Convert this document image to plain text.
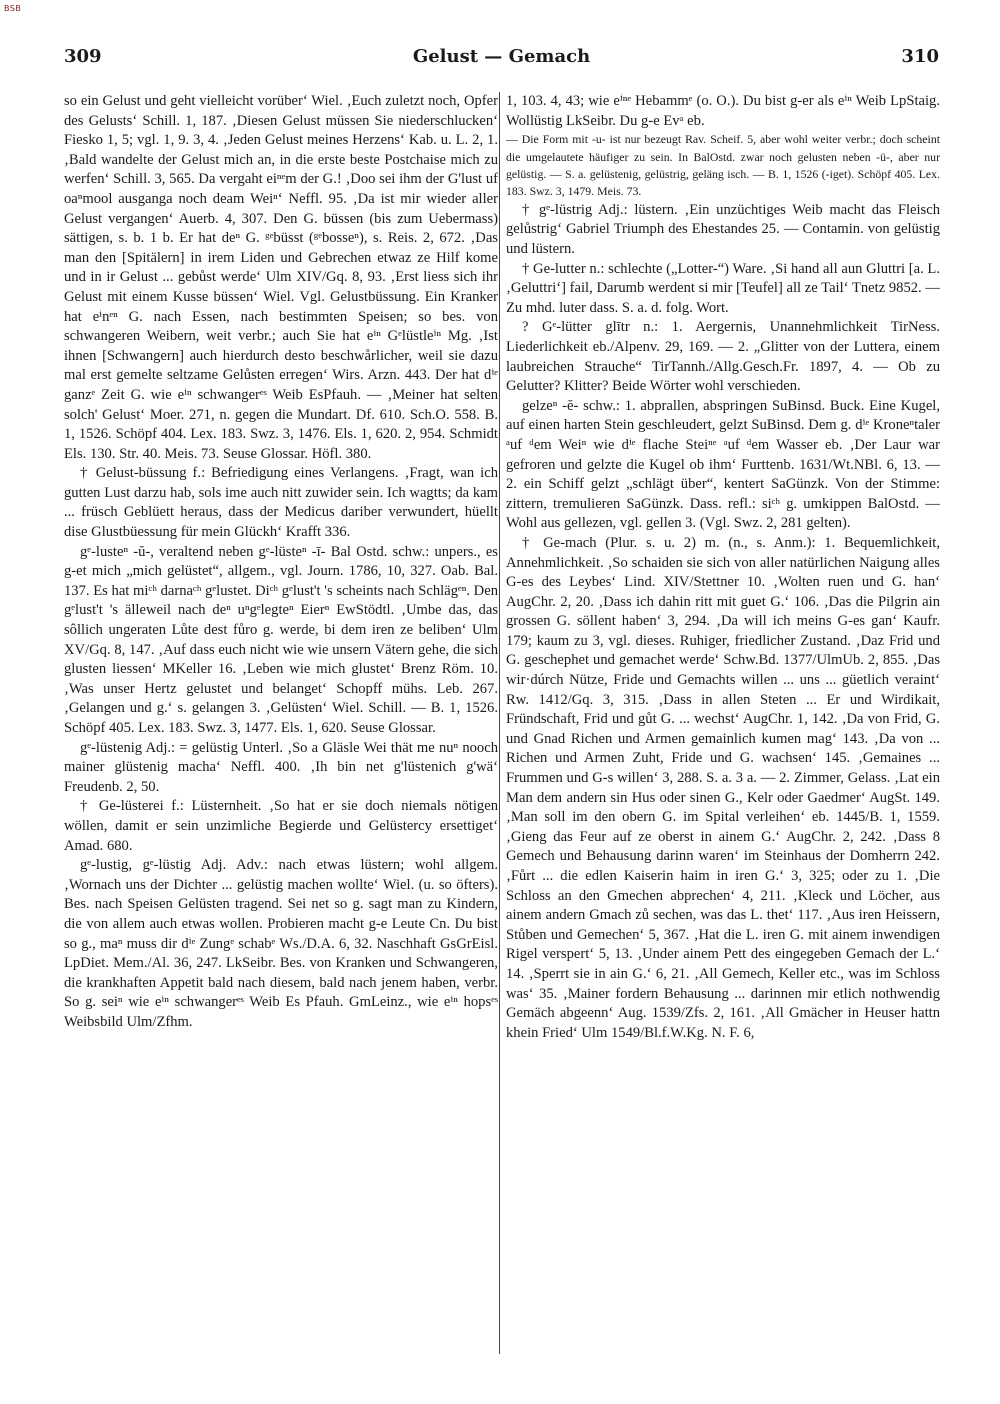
BSB
309	Gelust — Gemach	310

so ein Gelust und geht vielleicht vorüber‘ Wiel. ‚Euch zuletzt noch, Opfer des Gelusts‘ Schill. 1, 187. ‚Diesen Gelust müssen Sie niederschlucken‘ Fiesko 1, 5; vgl. 1, 9. 3, 4. ‚Jeden Gelust meines Herzens‘ Kab. u. L. 2, 1. ‚Bald wandelte der Gelust mich an, in die erste beste Postchaise mich zu werfen‘ Schill. 3, 565. Da vergaht eiⁿᵉm der G.! ‚Doo sei ihm der G'lust uf oaⁿmool ausganga noch deam Weiⁿ‘ Neffl. 95. ‚Da ist mir wieder aller Gelust vergangen‘ Auerb. 4, 307. Den G. büssen (bis zum Uebermass) sättigen, s. b. 1 b. Er hat deⁿ G. ᵍᵉbüsst (ᵍᵉbosseⁿ), s. Reis. 2, 672. ‚Das man den [Spitälern] in irem Liden und Gebrechen etwaz ze Hilf kome und in ir Gelust ... gebůst werde‘ Ulm XIV/Gq. 8, 93. ‚Erst liess sich ihr Gelust mit einem Kusse büssen‘ Wiel. Vgl. Gelustbüssung. Ein Kranker hat eⁱnᵉⁿ G. nach Essen, nach bestimmten Speisen; so bes. von schwangeren Weibern, weit verbr.; auch Sie hat eⁱⁿ Gᵉlüstleⁱⁿ Mg. ‚Ist ihnen [Schwangern] auch hierdurch desto beschwårlicher, weil sie dazu mal erst gemelte seltzame Gelůsten erregen‘ Wirs. Arzn. 443. Der hat dⁱᵉ ganzᵉ Zeit G. wie eⁱⁿ schwangerᵉˢ Weib EsPfauh. — ‚Meiner hat selten solch' Gelust‘ Moer. 271, n. gegen die Mundart. Df. 610. Sch.O. 558. B. 1, 1526. Schöpf 404. Lex. 183. Swz. 3, 1476. Els. 1, 620. 2, 954. Schmidt Els. 130. Str. 40. Meis. 73. Seuse Glossar. Höfl. 380.

† Gelust-büssung f.: Befriedigung eines Verlangens. ‚Fragt, wan ich gutten Lust darzu hab, sols ime auch nitt zuwider sein. Ich wagtts; da kam ... früsch Geblüett heraus, dass der Medicus dariber verwundert, hüellt dise Glustbüessung für mein Glückh‘ Krafft 336.

gᵉ-lusteⁿ -ŭ-, veraltend neben gᵉ-lüsteⁿ -ī- Bal Ostd. schw.: unpers., es g-et mich „mich gelüstet“, allgem., vgl. Journ. 1786, 10, 327. Oab. Bal. 137. Es hat miᶜʰ darnaᶜʰ gᵉlustet. Diᶜʰ gᵉlust't 's scheints nach Schlägᵉⁿ. Den gᵉlust't 's älleweil nach deⁿ uⁿgᵉlegteⁿ Eierⁿ EwStödtl. ‚Umbe das, das sôllich ungeraten Lůte dest fůro g. werde, bi dem iren ze beliben‘ Ulm XV/Gq. 8, 147. ‚Auf dass euch nicht wie wie unsern Vätern gehe, die sich glusten liessen‘ MKeller 16. ‚Leben wie mich glustet‘ Brenz Röm. 10. ‚Was unser Hertz gelustet und belanget‘ Schopff mühs. Leb. 267. ‚Gelangen und g.‘ s. gelangen 3. ‚Gelüsten‘ Wiel. Schill. — B. 1, 1526. Schöpf 405. Lex. 183. Swz. 3, 1477. Els. 1, 620. Seuse Glossar.

gᵉ-lüstenig Adj.: = gelüstig Unterl. ‚So a Gläsle Wei thät me nuⁿ nooch mainer glüstenig macha‘ Neffl. 400. ‚Ih bin net g'lüstenich g'wä‘ Freudenb. 2, 50.

† Ge-lüsterei f.: Lüsternheit. ‚So hat er sie doch niemals nötigen wöllen, damit er sein unzimliche Begierde und Gelüstercy ersettiget‘ Amad. 680.

gᵉ-lustig, gᵉ-lüstig Adj. Adv.: nach etwas lüstern; wohl allgem. ‚Wornach uns der Dichter ... gelüstig machen wollte‘ Wiel. (u. so öfters). Bes. nach Speisen Gelüsten tragend. Sei net so g. sagt man zu Kindern, die von allem auch etwas wollen. Probieren macht g-e Leute Cn. Du bist so g., maⁿ muss dir dⁱᵉ Zungᵉ schabᵉ Ws./D.A. 6, 32. Naschhaft GsGrEisl. LpDiet. Mem./Al. 36, 247. LkSeibr. Bes. von Kranken und Schwangeren, die krankhaften Appetit bald nach diesem, bald nach jenem haben, verbr. So g. seiⁿ wie eⁱⁿ schwangerᵉˢ Weib Es Pfauh. GmLeinz., wie eⁱⁿ hopsᵉˢ Weibsbild Ulm/Zfhm.

1, 103. 4, 43; wie eⁱⁿᵉ Hebammᵉ (o. O.). Du bist g-er als eⁱⁿ Weib LpStaig. Wollüstig LkSeibr. Du g-e Evᵃ eb.

— Die Form mit -u- ist nur bezeugt Rav. Scheif. 5, aber wohl weiter verbr.; doch scheint die umgelautete häufiger zu sein. In BalOstd. zwar noch gelusten neben -ü-, aber nur gelüstig. — S. a. gelüstenig, gelüstrig, geläng isch. — B. 1, 1526 (-iget). Schöpf 405. Lex. 183. Swz. 3, 1479. Meis. 73.

† gᵉ-lüstrig Adj.: lüstern. ‚Ein unzüchtiges Weib macht das Fleisch gelůstrig‘ Gabriel Triumph des Ehestandes 25. — Contamin. von gelüstig und lüstern.

† Ge-lutter n.: schlechte („Lotter-“) Ware. ‚Si hand all aun Gluttri [a. L. ‚Geluttri‘] fail, Darumb werdent si mir [Teufel] all ze Tail‘ Tnetz 9852. — Zu mhd. luter dass. S. a. d. folg. Wort.

? Gᵉ-lütter glītr n.: 1. Aergernis, Unannehmlichkeit TirNess. Liederlichkeit eb./Alpenv. 29, 169. — 2. „Glitter von der Luttera, einem laubreichen Strauche“ TirTannh./Allg.Gesch.Fr. 1897, 4. — Ob zu Gelutter? Klitter? Beide Wörter wohl verschieden.

gelzeⁿ -ĕ- schw.: 1. abprallen, abspringen SuBinsd. Buck. Eine Kugel, auf einen harten Stein geschleudert, gelzt SuBinsd. Dem g. dⁱᵉ Kroneⁿtaler ᵃuf ᵈem Weiⁿ wie dⁱᵉ flache Steiⁿᵉ ᵃuf ᵈem Wasser eb. ‚Der Laur war gefroren und gelzte die Kugel ob ihm‘ Furttenb. 1631/Wt.NBl. 6, 13. — 2. ein Schiff gelzt „schlägt über“, kentert SaGünzk. Von der Stimme: zittern, tremulieren SaGünzk. Dass. refl.: siᶜʰ g. umkippen BalOstd. — Wohl aus gellezen, vgl. gellen 3. (Vgl. Swz. 2, 281 gelten).

† Ge-mach (Plur. s. u. 2) m. (n., s. Anm.): 1. Bequemlichkeit, Annehmlichkeit. ‚So schaiden sie sich von aller natürlichen Naigung alles G-es des Leybes‘ Lind. XIV/Stettner 10. ‚Wolten ruen und G. han‘ AugChr. 2, 20. ‚Dass ich dahin ritt mit guet G.‘ 106. ‚Das die Pilgrin ain grossen G. söllent haben‘ 3, 294. ‚Da will ich meins G-es gan‘ Kaufr. 179; kaum zu 3, vgl. dieses. Ruhiger, friedlicher Zustand. ‚Daz Frid und G. geschephet und gemachet werde‘ Schw.Bd. 1377/UlmUb. 2, 855. ‚Das wir·dúrch Nütze, Fride und Gemachts willen ... uns ... güetlich veraint‘ Rw. 1412/Gq. 3, 315. ‚Dass in allen Steten ... Er und Wirdikait, Fründschaft, Frid und gůt G. ... wechst‘ AugChr. 1, 142. ‚Da von Frid, G. und Gnad Richen und Armen gemainlich kumen mag‘ 143. ‚Da von ... Richen und Armen Zuht, Fride und G. wachsen‘ 145. ‚Gemaines ... Frummen und G-s willen‘ 3, 288. S. a. 3 a. — 2. Zimmer, Gelass. ‚Lat ein Man dem andern sin Hus oder sinen G., Kelr oder Gaedmer‘ AugSt. 149. ‚Man soll im den obern G. im Spital verleihen‘ eb. 1445/B. 1, 1559. ‚Gieng das Feur auf ze oberst in ainem G.‘ AugChr. 2, 242. ‚Dass 8 Gemech und Behausung darinn waren‘ im Steinhaus der Domherrn 242. ‚Fůrt ... die edlen Kaiserin haim in iren G.‘ 3, 325; oder zu 1. ‚Die Schloss an den Gmechen abprechen‘ 4, 211. ‚Kleck und Löcher, aus ainem andern Gmach zů sechen, was das L. thet‘ 117. ‚Aus iren Heissern, Stůben und Gemechen‘ 5, 367. ‚Hat die L. iren G. mit ainem inwendigen Rigel verspert‘ 5, 13. ‚Under ainem Pett des eingegeben Gemach der L.‘ 14. ‚Sperrt sie in ain G.‘ 6, 21. ‚All Gemech, Keller etc., was im Schloss was‘ 35. ‚Mainer fordern Behausung ... darinnen mir etlich nothwendig Gemäch abgeenn‘ Aug. 1539/Zfs. 2, 161. ‚All Gmächer in Heuser hattn khein Fried‘ Ulm 1549/Bl.f.W.Kg. N. F. 6,
